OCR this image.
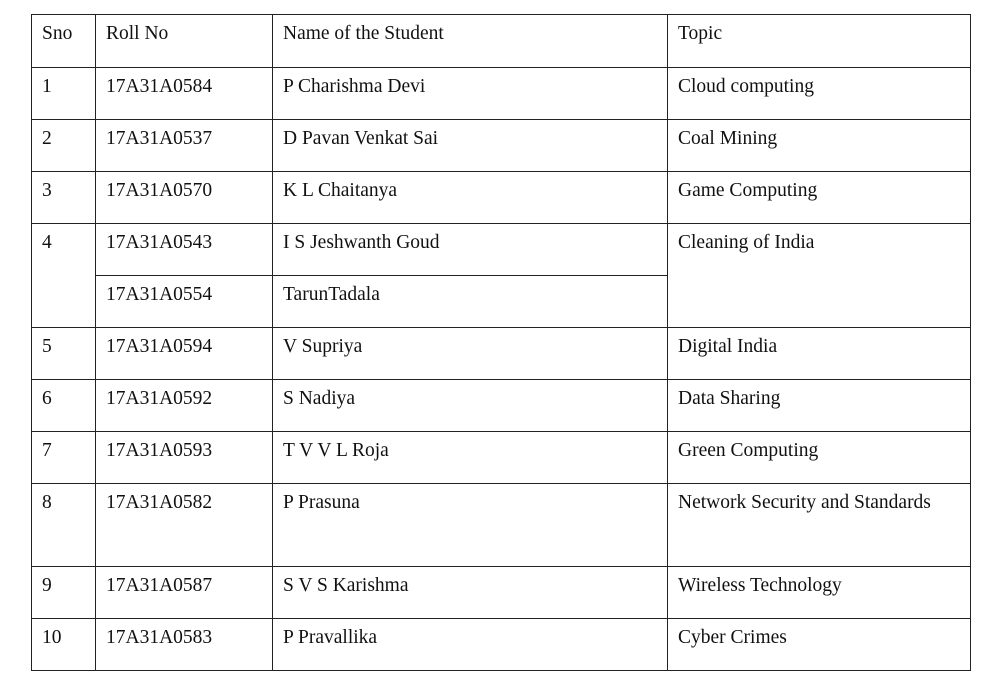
Sno	Roll No	Name of the Student	Topic
1	17A31A0584	P Charishma Devi	Cloud computing
2	17A31A0537	D Pavan Venkat Sai	Coal Mining
3	17A31A0570	K L Chaitanya	Game Computing
4	17A31A0543	I S Jeshwanth Goud	Cleaning of India
	17A31A0554	TarunTadala	
5	17A31A0594	V Supriya	Digital India
6	17A31A0592	S Nadiya	Data Sharing
7	17A31A0593	T V V L Roja	Green Computing
8	17A31A0582	P Prasuna	Network Security and Standards
9	17A31A0587	S V S Karishma	Wireless Technology
10	17A31A0583	P Pravallika	Cyber Crimes
